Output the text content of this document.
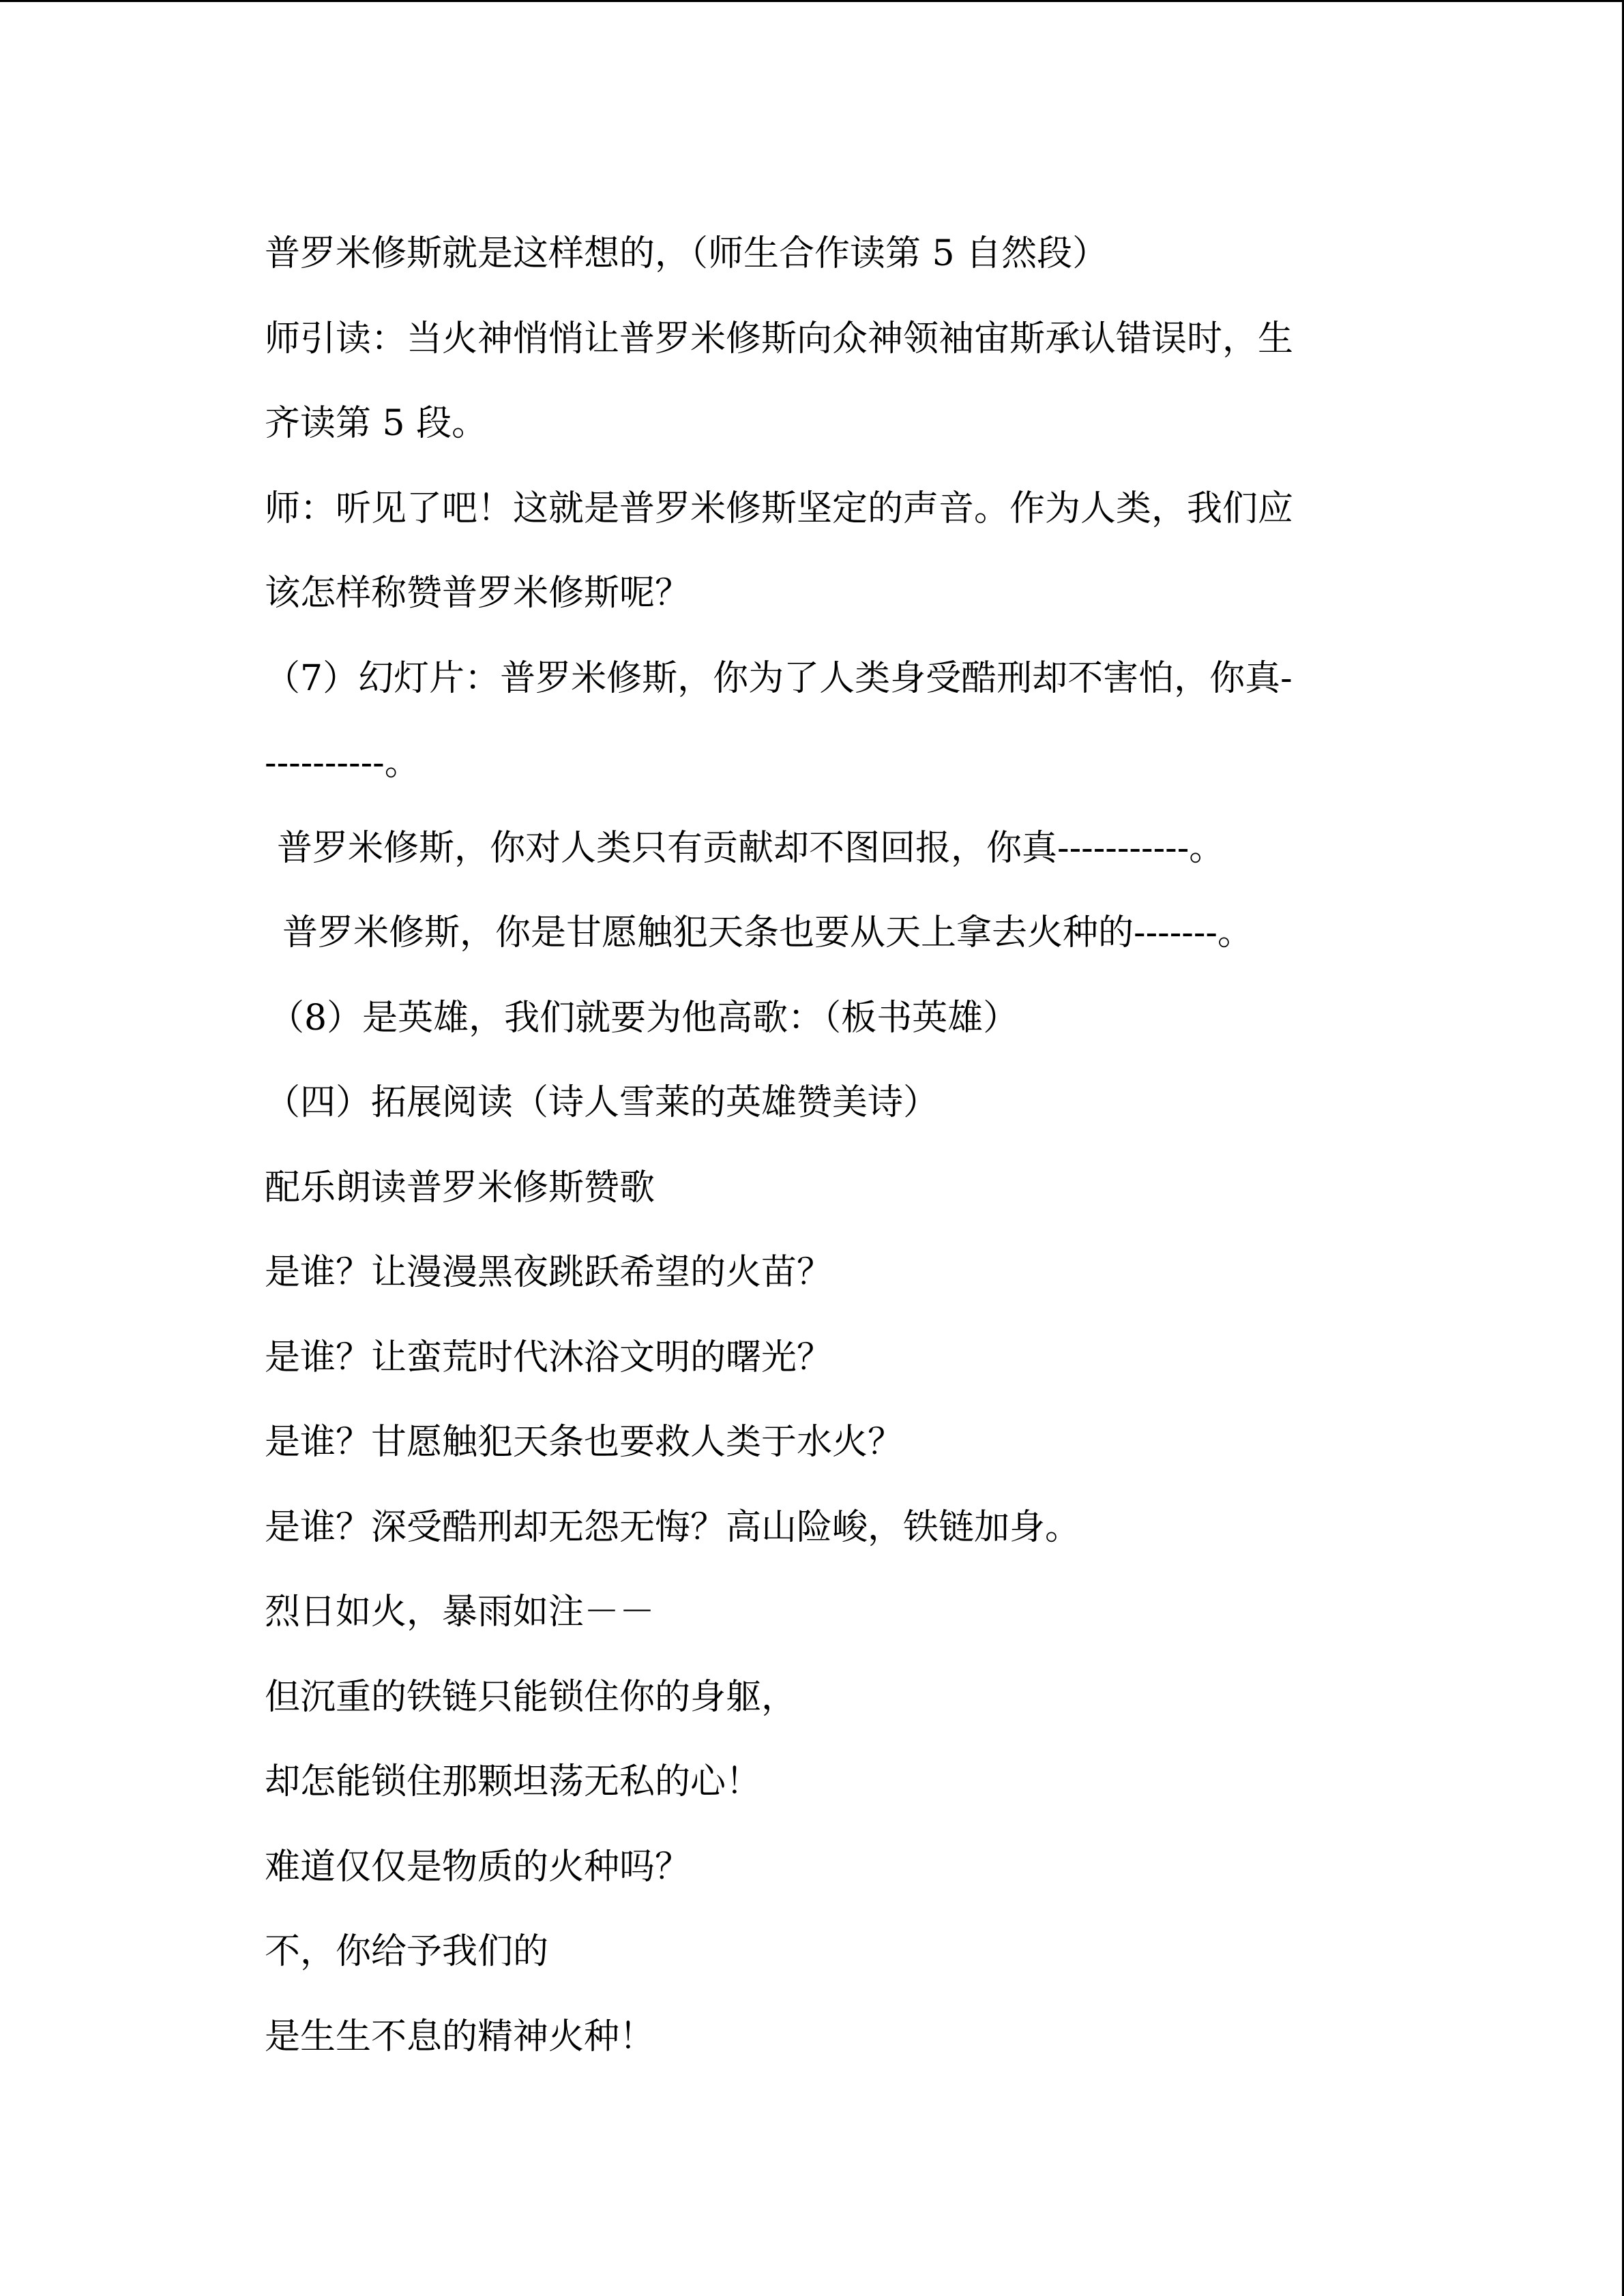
普罗米修斯就是这样想的，（师生合作读第 5 自然段）

师引读：当火神悄悄让普罗米修斯向众神领袖宙斯承认错误时，生

齐读第 5 段。

师：听见了吧！这就是普罗米修斯坚定的声音。作为人类，我们应

该怎样称赞普罗米修斯呢？

（7）幻灯片：普罗米修斯，你为了人类身受酷刑却不害怕，你真-

----------。

普罗米修斯，你对人类只有贡献却不图回报，你真-----------。

普罗米修斯，你是甘愿触犯天条也要从天上拿去火种的-------。

（8）是英雄，我们就要为他高歌：（板书英雄）

（四）拓展阅读（诗人雪莱的英雄赞美诗）

配乐朗读普罗米修斯赞歌

是谁？让漫漫黑夜跳跃希望的火苗？

是谁？让蛮荒时代沐浴文明的曙光？

是谁？甘愿触犯天条也要救人类于水火？

是谁？深受酷刑却无怨无悔？高山险峻，铁链加身。

烈日如火，暴雨如注－－

但沉重的铁链只能锁住你的身躯，

却怎能锁住那颗坦荡无私的心！

难道仅仅是物质的火种吗？

不，你给予我们的

是生生不息的精神火种！
